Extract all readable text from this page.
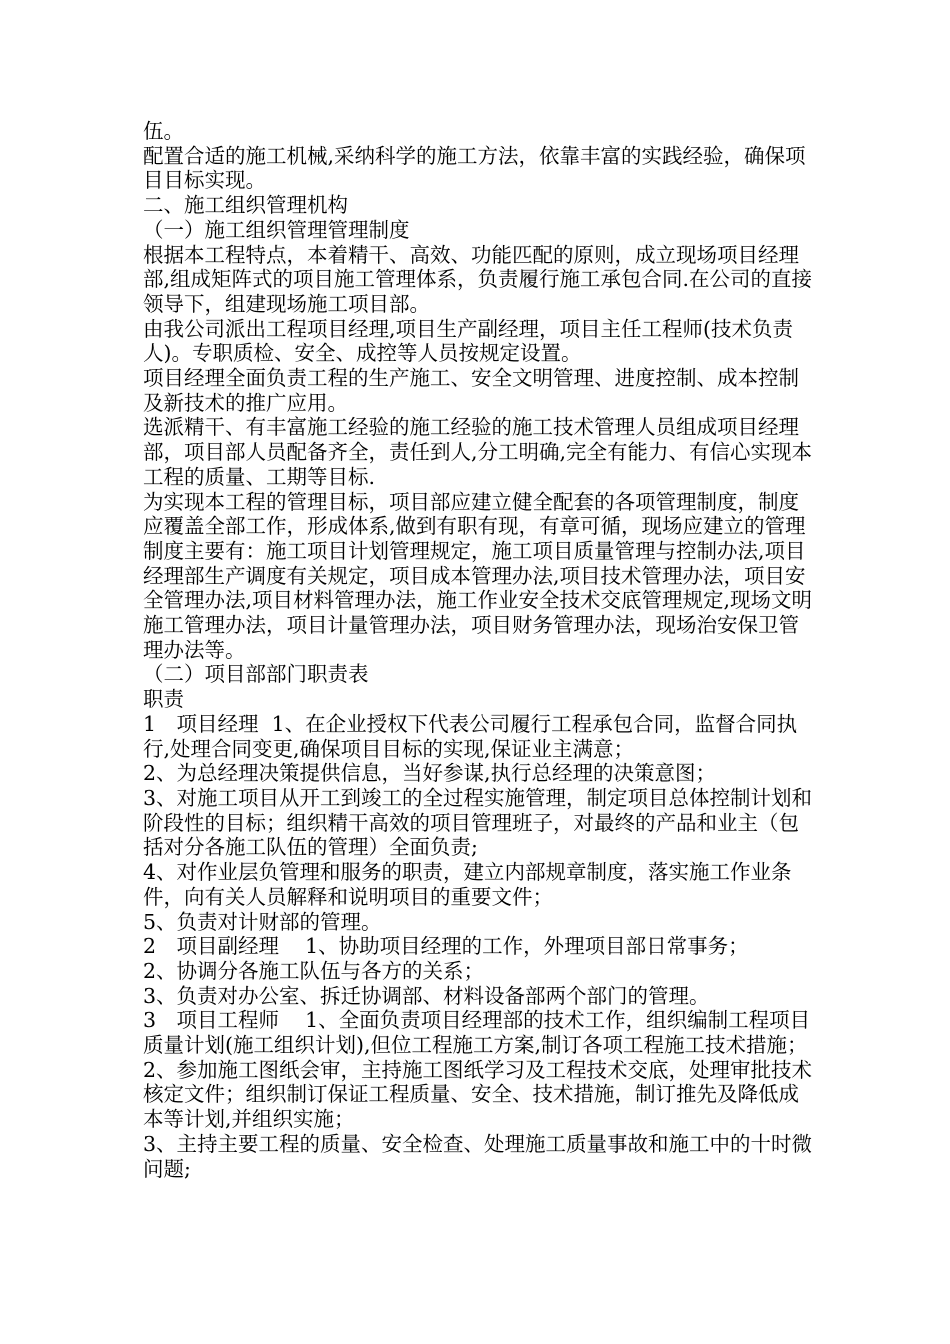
伍。

配置合适的施工机械,采纳科学的施工方法，依靠丰富的实践经验，确保项目目标实现。

二、施工组织管理机构

（一）施工组织管理管理制度

根据本工程特点，本着精干、高效、功能匹配的原则，成立现场项目经理部,组成矩阵式的项目施工管理体系，负责履行施工承包合同.在公司的直接领导下，组建现场施工项目部。

由我公司派出工程项目经理,项目生产副经理，项目主任工程师(技术负责人)。专职质检、安全、成控等人员按规定设置。

项目经理全面负责工程的生产施工、安全文明管理、进度控制、成本控制及新技术的推广应用。

选派精干、有丰富施工经验的施工经验的施工技术管理人员组成项目经理部，项目部人员配备齐全，责任到人,分工明确,完全有能力、有信心实现本工程的质量、工期等目标.

为实现本工程的管理目标，项目部应建立健全配套的各项管理制度，制度应覆盖全部工作，形成体系,做到有职有现，有章可循，现场应建立的管理制度主要有：施工项目计划管理规定，施工项目质量管理与控制办法,项目经理部生产调度有关规定，项目成本管理办法,项目技术管理办法，项目安全管理办法,项目材料管理办法，施工作业安全技术交底管理规定,现场文明施工管理办法，项目计量管理办法，项目财务管理办法，现场治安保卫管理办法等。

（二）项目部部门职责表

职责

1　项目经理  1、在企业授权下代表公司履行工程承包合同，监督合同执行,处理合同变更,确保项目目标的实现,保证业主满意；

2、为总经理决策提供信息，当好参谋,执行总经理的决策意图；

3、对施工项目从开工到竣工的全过程实施管理，制定项目总体控制计划和阶段性的目标；组织精干高效的项目管理班子，对最终的产品和业主（包括对分各施工队伍的管理）全面负责;

4、对作业层负管理和服务的职责，建立内部规章制度，落实施工作业条件，向有关人员解释和说明项目的重要文件；

5、负责对计财部的管理。

2　项目副经理    1、协助项目经理的工作，外理项目部日常事务；

2、协调分各施工队伍与各方的关系；

3、负责对办公室、拆迁协调部、材料设备部两个部门的管理。

3　项目工程师    1、全面负责项目经理部的技术工作，组织编制工程项目质量计划(施工组织计划),但位工程施工方案,制订各项工程施工技术措施；

2、参加施工图纸会审，主持施工图纸学习及工程技术交底，处理审批技术核定文件；组织制订保证工程质量、安全、技术措施，制订推先及降低成本等计划,并组织实施；

3、主持主要工程的质量、安全检查、处理施工质量事故和施工中的十时微 问题;
